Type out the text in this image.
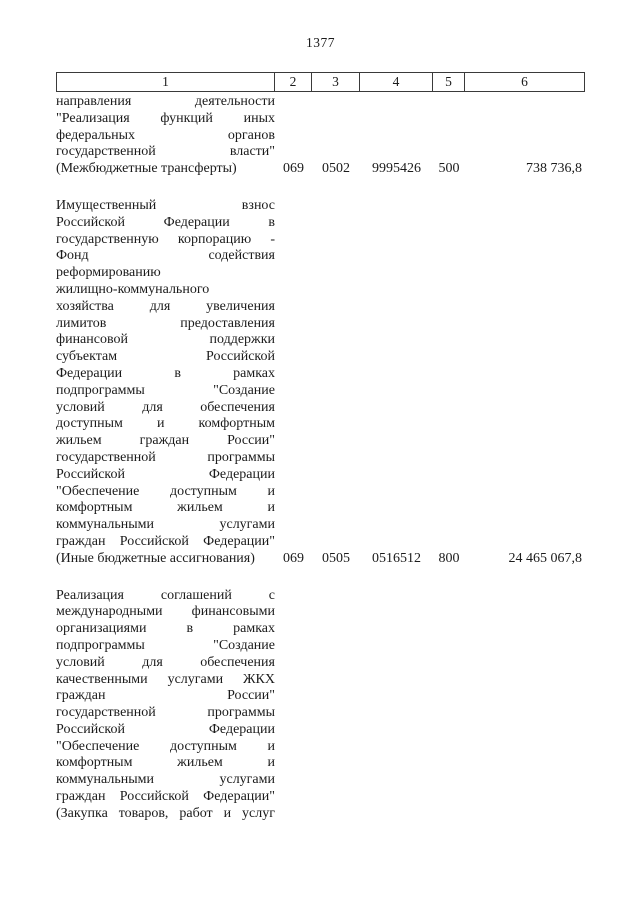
1377
1	2	3	4	5	6
направления деятельности
"Реализация функций иных
федеральных органов
государственной власти"
(Межбюджетные трансферты)	069	0502	9995426	500	738 736,8
Имущественный взнос
Российской Федерации в
государственную корпорацию -
Фонд содействия
реформированию
жилищно-коммунального
хозяйства для увеличения
лимитов предоставления
финансовой поддержки
субъектам Российской
Федерации в рамках
подпрограммы "Создание
условий для обеспечения
доступным и комфортным
жильем граждан России"
государственной программы
Российской Федерации
"Обеспечение доступным и
комфортным жильем и
коммунальными услугами
граждан Российской Федерации"
(Иные бюджетные ассигнования)	069	0505	0516512	800	24 465 067,8
Реализация соглашений с
международными финансовыми
организациями в рамках
подпрограммы "Создание
условий для обеспечения
качественными услугами ЖКХ
граждан России"
государственной программы
Российской Федерации
"Обеспечение доступным и
комфортным жильем и
коммунальными услугами
граждан Российской Федерации"
(Закупка товаров, работ и услуг
